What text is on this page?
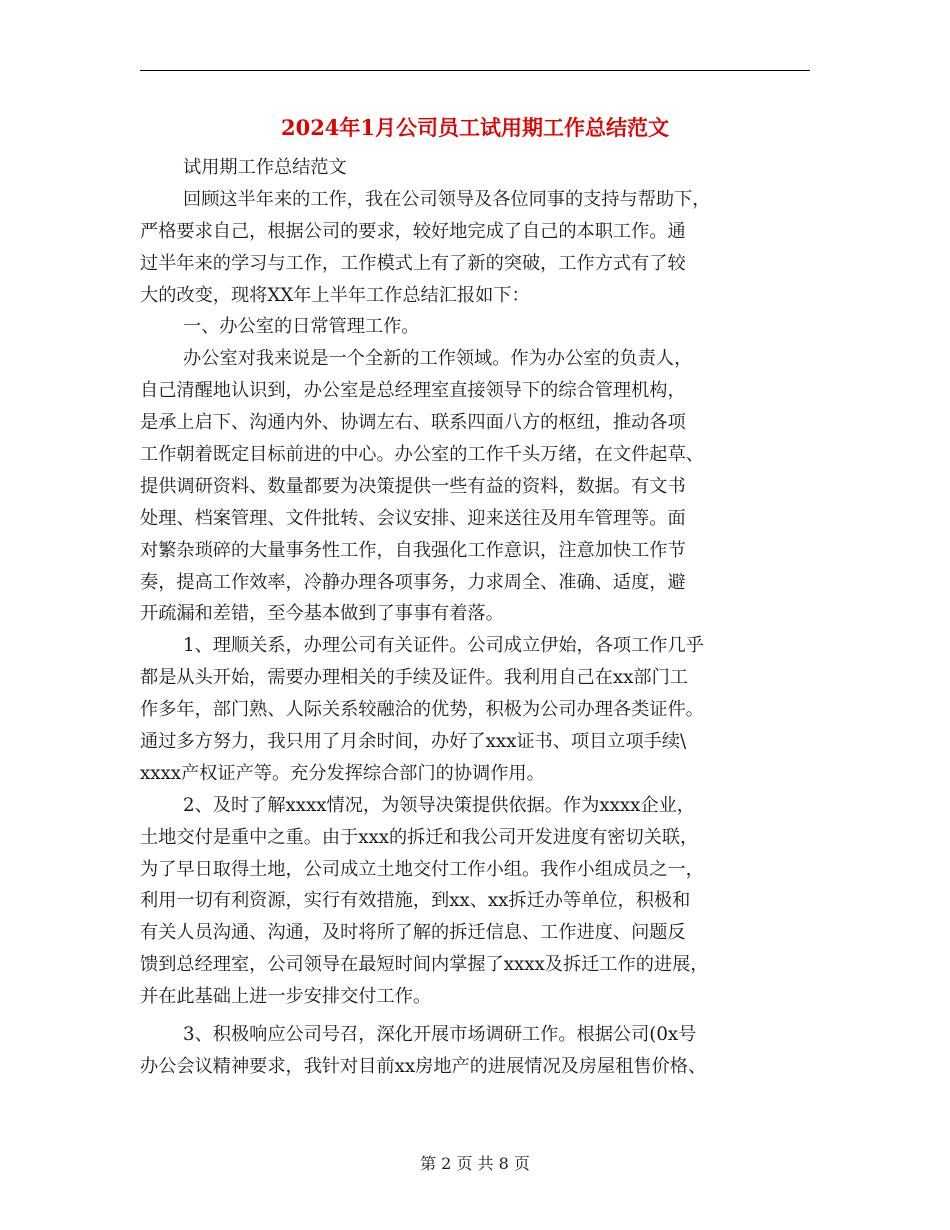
2024年1月公司员工试用期工作总结范文
试用期工作总结范文
回顾这半年来的工作，我在公司领导及各位同事的支持与帮助下，
严格要求自己，根据公司的要求，较好地完成了自己的本职工作。通
过半年来的学习与工作，工作模式上有了新的突破，工作方式有了较
大的改变，现将XX年上半年工作总结汇报如下：
一、办公室的日常管理工作。
办公室对我来说是一个全新的工作领域。作为办公室的负责人，
自己清醒地认识到，办公室是总经理室直接领导下的综合管理机构，
是承上启下、沟通内外、协调左右、联系四面八方的枢纽，推动各项
工作朝着既定目标前进的中心。办公室的工作千头万绪，在文件起草、
提供调研资料、数量都要为决策提供一些有益的资料，数据。有文书
处理、档案管理、文件批转、会议安排、迎来送往及用车管理等。面
对繁杂琐碎的大量事务性工作，自我强化工作意识，注意加快工作节
奏，提高工作效率，冷静办理各项事务，力求周全、准确、适度，避
开疏漏和差错，至今基本做到了事事有着落。
1、理顺关系，办理公司有关证件。公司成立伊始，各项工作几乎
都是从头开始，需要办理相关的手续及证件。我利用自己在xx部门工
作多年，部门熟、人际关系较融洽的优势，积极为公司办理各类证件。
通过多方努力，我只用了月余时间，办好了xxx证书、项目立项手续\
xxxx产权证产等。充分发挥综合部门的协调作用。
2、及时了解xxxx情况，为领导决策提供依据。作为xxxx企业，
土地交付是重中之重。由于xxx的拆迁和我公司开发进度有密切关联，
为了早日取得土地，公司成立土地交付工作小组。我作小组成员之一，
利用一切有利资源，实行有效措施，到xx、xx拆迁办等单位，积极和
有关人员沟通、沟通，及时将所了解的拆迁信息、工作进度、问题反
馈到总经理室，公司领导在最短时间内掌握了xxxx及拆迁工作的进展，
并在此基础上进一步安排交付工作。
3、积极响应公司号召，深化开展市场调研工作。根据公司(0x号
办公会议精神要求，我针对目前xx房地产的进展情况及房屋租售价格、
第 2 页 共 8 页
